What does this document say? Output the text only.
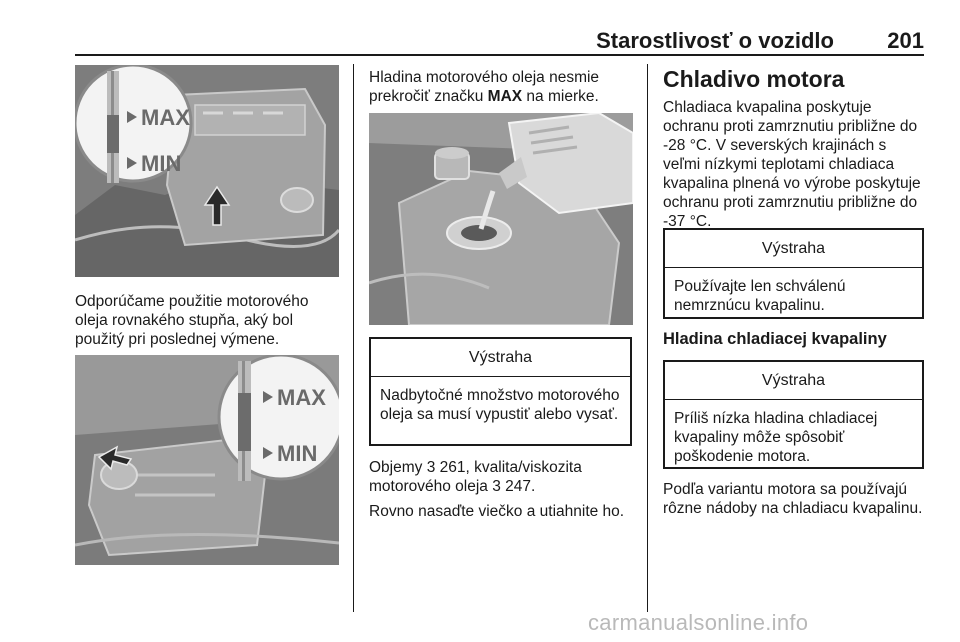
Starostlivosť o vozidlo 201
MAX
MIN

Odporúčame použitie motorového oleja rovnakého stupňa, aký bol použitý pri poslednej výmene.

MAX
MIN

Hladina motorového oleja nesmie prekročiť značku MAX na mierke.

Výstraha
Nadbytočné množstvo motorového oleja sa musí vypustiť alebo vysať.

Objemy 3 261, kvalita/viskozita
motorového oleja 3 247.

Rovno nasaďte viečko a utiahnite ho.

Chladivo motora

Chladiaca kvapalina poskytuje ochranu proti zamrznutiu približne do -28 °C. V severských krajinách s veľmi nízkymi teplotami chladiaca kvapalina plnená vo výrobe poskytuje ochranu proti zamrznutiu približne do -37 °C.

Výstraha
Používajte len schválenú nemrznúcu kvapalinu.
Hladina chladiacej kvapaliny
Výstraha
Príliš nízka hladina chladiacej kvapaliny môže spôsobiť poškodenie motora.

Podľa variantu motora sa používajú rôzne nádoby na chladiacu kvapalinu.

carmanualsonline.info
